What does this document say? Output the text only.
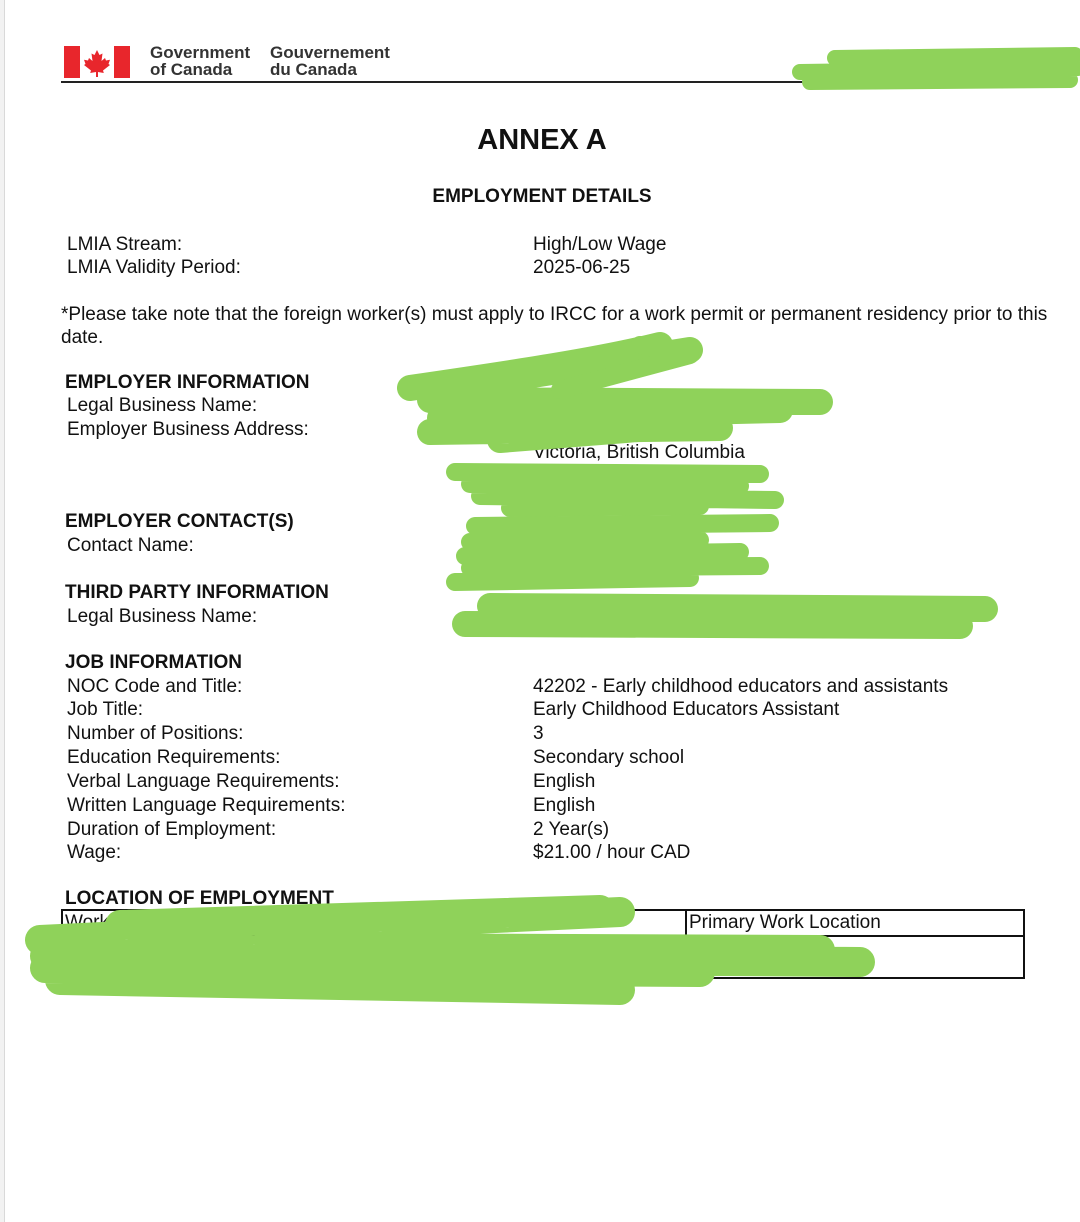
Government
of Canada
Gouvernement
du Canada
ANNEX A
EMPLOYMENT DETAILS
LMIA Stream:	High/Low Wage
LMIA Validity Period:	2025-06-25
*Please take note that the foreign worker(s) must apply to IRCC for a work permit or permanent residency prior to this date.
EMPLOYER INFORMATION
Legal Business Name:
Employer Business Address:
Victoria, British Columbia
EMPLOYER CONTACT(S)
Contact Name:
THIRD PARTY INFORMATION
Legal Business Name:
JOB INFORMATION
NOC Code and Title:	42202 - Early childhood educators and assistants
Job Title:	Early Childhood Educators Assistant
Number of Positions:	3
Education Requirements:	Secondary school
Verbal Language Requirements:	English
Written Language Requirements:	English
Duration of Employment:	2 Year(s)
Wage:	$21.00 / hour CAD
LOCATION OF EMPLOYMENT
Work Locatio	Empl	Primary Work Location
